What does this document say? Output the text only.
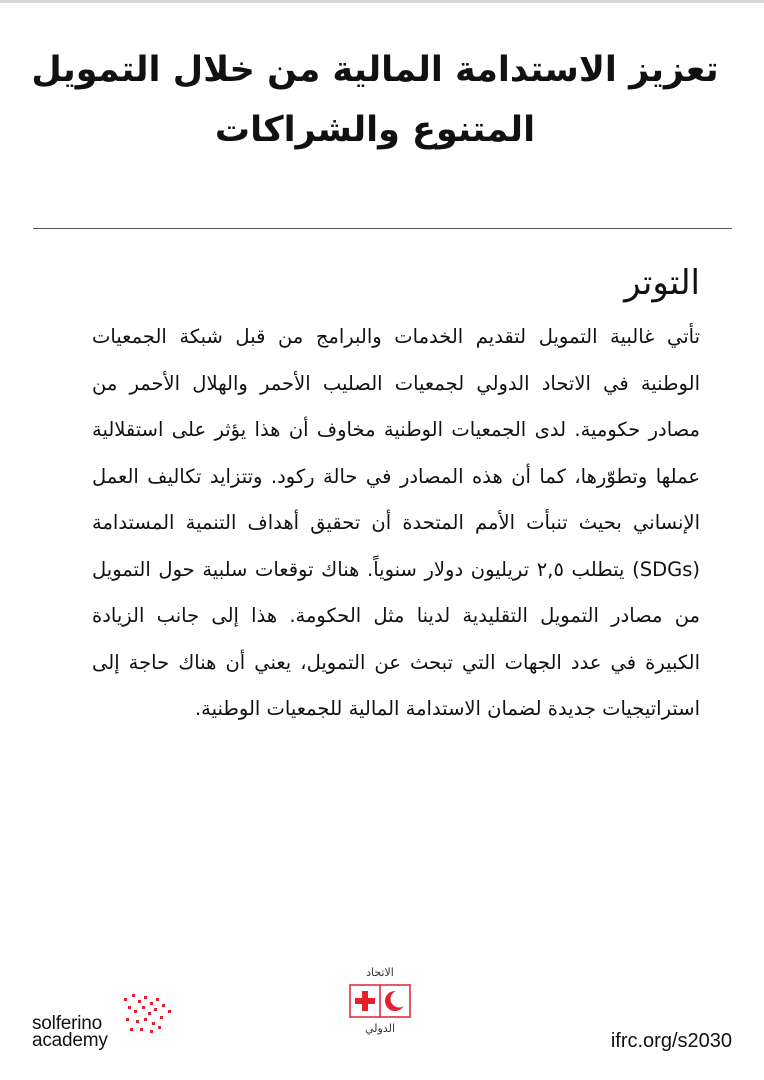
تعزيز الاستدامة المالية من خلال التمويل المتنوع والشراكات
التوتر

تأتي غالبية التمويل لتقديم الخدمات والبرامج من قبل شبكة الجمعيات الوطنية في الاتحاد الدولي لجمعيات الصليب الأحمر والهلال الأحمر من مصادر حكومية. لدى الجمعيات الوطنية مخاوف أن هذا يؤثر على استقلالية عملها وتطوّرها، كما أن هذه المصادر في حالة ركود. وتتزايد تكاليف العمل الإنساني بحيث تنبأت الأمم المتحدة أن تحقيق أهداف التنمية المستدامة (SDGs) يتطلب ٢,٥ تريليون دولار سنوياً. هناك توقعات سلبية حول التمويل من مصادر التمويل التقليدية لدينا مثل الحكومة. هذا إلى جانب الزيادة الكبيرة في عدد الجهات التي تبحث عن التمويل، يعني أن هناك حاجة إلى استراتيجيات جديدة لضمان الاستدامة المالية للجمعيات الوطنية.

solferino
academy
الاتحاد
الدولي
ifrc.org/s2030
